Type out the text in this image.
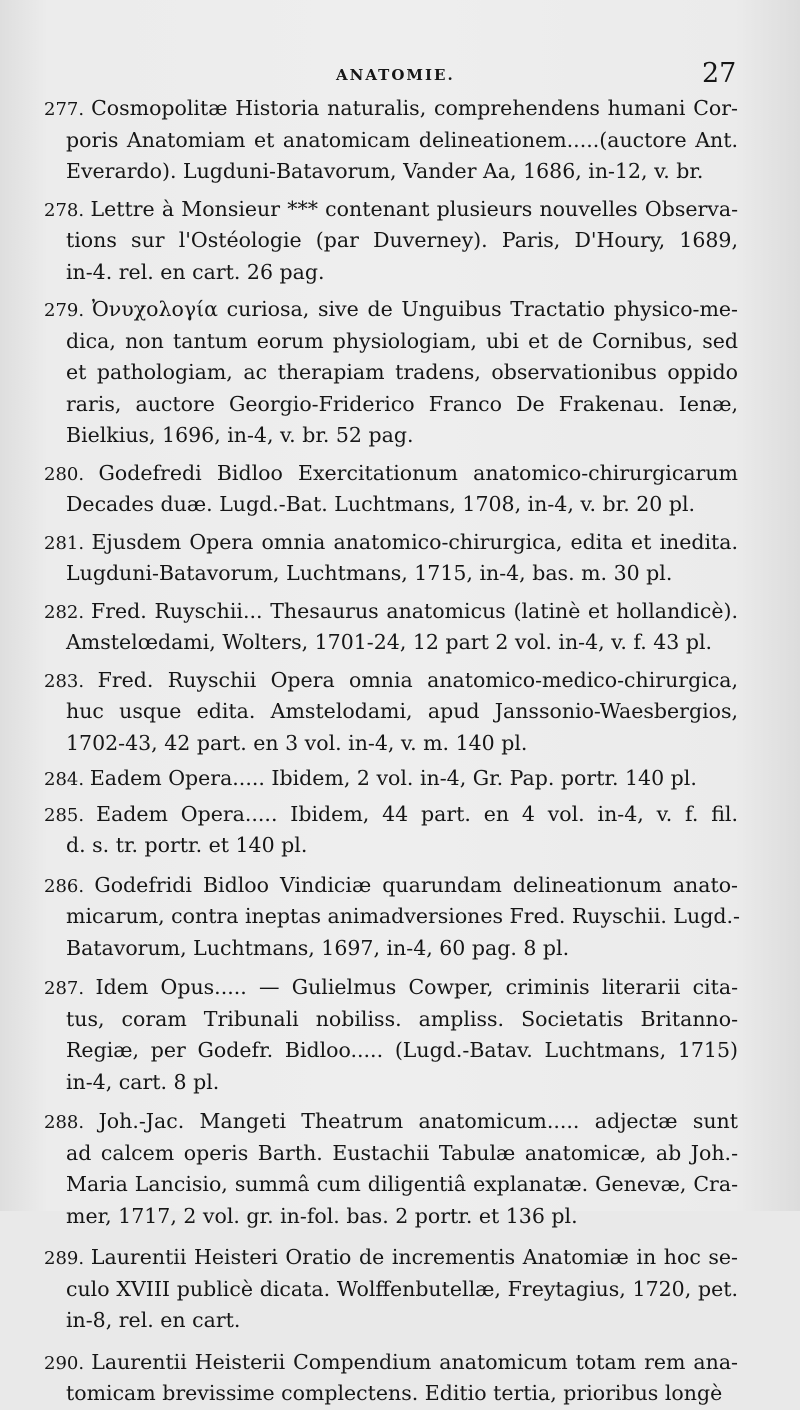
ANATOMIE.	27
277. Cosmopolitæ Historia naturalis, comprehendens humani Cor-
poris Anatomiam et anatomicam delineationem.....(auctore Ant.
Everardo). Lugduni-Batavorum, Vander Aa, 1686, in-12, v. br.
278. Lettre à Monsieur *** contenant plusieurs nouvelles Observa-
tions sur l'Ostéologie (par Duverney). Paris, D'Houry, 1689,
in-4. rel. en cart. 26 pag.
279. Ὀνυχολογία curiosa, sive de Unguibus Tractatio physico-me-
dica, non tantum eorum physiologiam, ubi et de Cornibus, sed
et pathologiam, ac therapiam tradens, observationibus oppido
raris, auctore Georgio-Friderico Franco De Frakenau. Ienæ,
Bielkius, 1696, in-4, v. br. 52 pag.
280. Godefredi Bidloo Exercitationum anatomico-chirurgicarum
Decades duæ. Lugd.-Bat. Luchtmans, 1708, in-4, v. br. 20 pl.
281. Ejusdem Opera omnia anatomico-chirurgica, edita et inedita.
Lugduni-Batavorum, Luchtmans, 1715, in-4, bas. m. 30 pl.
282. Fred. Ruyschii... Thesaurus anatomicus (latinè et hollandicè).
Amstelœdami, Wolters, 1701-24, 12 part 2 vol. in-4, v. f. 43 pl.
283. Fred. Ruyschii Opera omnia anatomico-medico-chirurgica,
huc usque edita. Amstelodami, apud Janssonio-Waesbergios,
1702-43, 42 part. en 3 vol. in-4, v. m. 140 pl.
284. Eadem Opera..... Ibidem, 2 vol. in-4, Gr. Pap. portr. 140 pl.
285. Eadem Opera..... Ibidem, 44 part. en 4 vol. in-4, v. f. fil.
d. s. tr. portr. et 140 pl.
286. Godefridi Bidloo Vindiciæ quarundam delineationum anato-
micarum, contra ineptas animadversiones Fred. Ruyschii. Lugd.-
Batavorum, Luchtmans, 1697, in-4, 60 pag. 8 pl.
287. Idem Opus..... — Gulielmus Cowper, criminis literarii cita-
tus, coram Tribunali nobiliss. ampliss. Societatis Britanno-
Regiæ, per Godefr. Bidloo..... (Lugd.-Batav. Luchtmans, 1715)
in-4, cart. 8 pl.
288. Joh.-Jac. Mangeti Theatrum anatomicum..... adjectæ sunt
ad calcem operis Barth. Eustachii Tabulæ anatomicæ, ab Joh.-
Maria Lancisio, summâ cum diligentiâ explanatæ. Genevæ, Cra-
mer, 1717, 2 vol. gr. in-fol. bas. 2 portr. et 136 pl.
289. Laurentii Heisteri Oratio de incrementis Anatomiæ in hoc se-
culo XVIII publicè dicata. Wolffenbutellæ, Freytagius, 1720, pet.
in-8, rel. en cart.
290. Laurentii Heisterii Compendium anatomicum totam rem ana-
tomicam brevissime complectens. Editio tertia, prioribus longè
